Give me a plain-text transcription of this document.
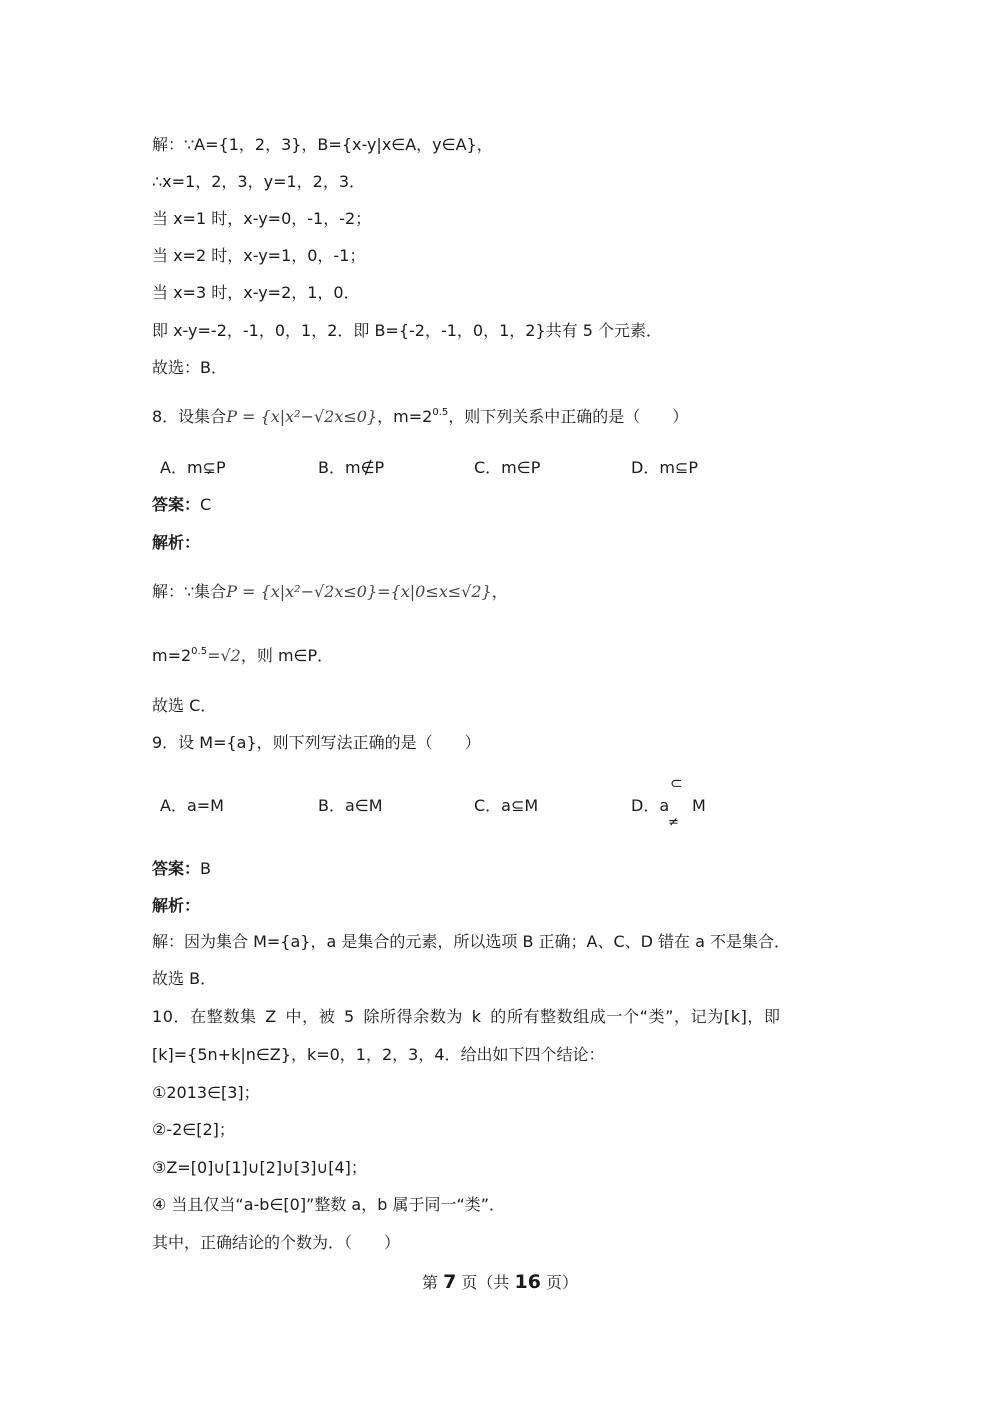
解：∵A={1，2，3}，B={x-y|x∈A，y∈A}，
∴x=1，2，3，y=1，2，3．
当 x=1 时，x-y=0，-1，-2；
当 x=2 时，x-y=1，0，-1；
当 x=3 时，x-y=2，1，0．
即 x-y=-2，-1，0，1，2．即 B={-2，-1，0，1，2}共有 5 个元素．
故选：B．
8．设集合P = {x|x²−√2x≤0}，$m=2^{0.5}$，则下列关系中正确的是（　　）
A．m⊊P	B．m∉P	C．m∈P	D．m⊆P
答案：C
解析：
解：∵集合P = {x|x²−√2x≤0}={x|0≤x≤√2}，
$m=2^{0.5}=√2$，则 m∈P．
故选 C．
9．设 M={a}，则下列写法正确的是（　　）
A．a=M	B．a∈M	C．a⊆M	D．a
⊂
≠
M
答案：B
解析：
解：因为集合 M={a}，a 是集合的元素，所以选项 B 正确；A、C、D 错在 a 不是集合．
故选 B．
10．在整数集 Z 中，被 5 除所得余数为 k 的所有整数组成一个“类”，记为[k]，即
[k]={5n+k|n∈Z}，k=0，1，2，3，4．给出如下四个结论：
①2013∈[3]；
②-2∈[2]；
③Z=[0]∪[1]∪[2]∪[3]∪[4]；
④ 当且仅当“a-b∈[0]”整数 a，b 属于同一“类”．
其中，正确结论的个数为．（　　）
第 7 页（共 16 页）
